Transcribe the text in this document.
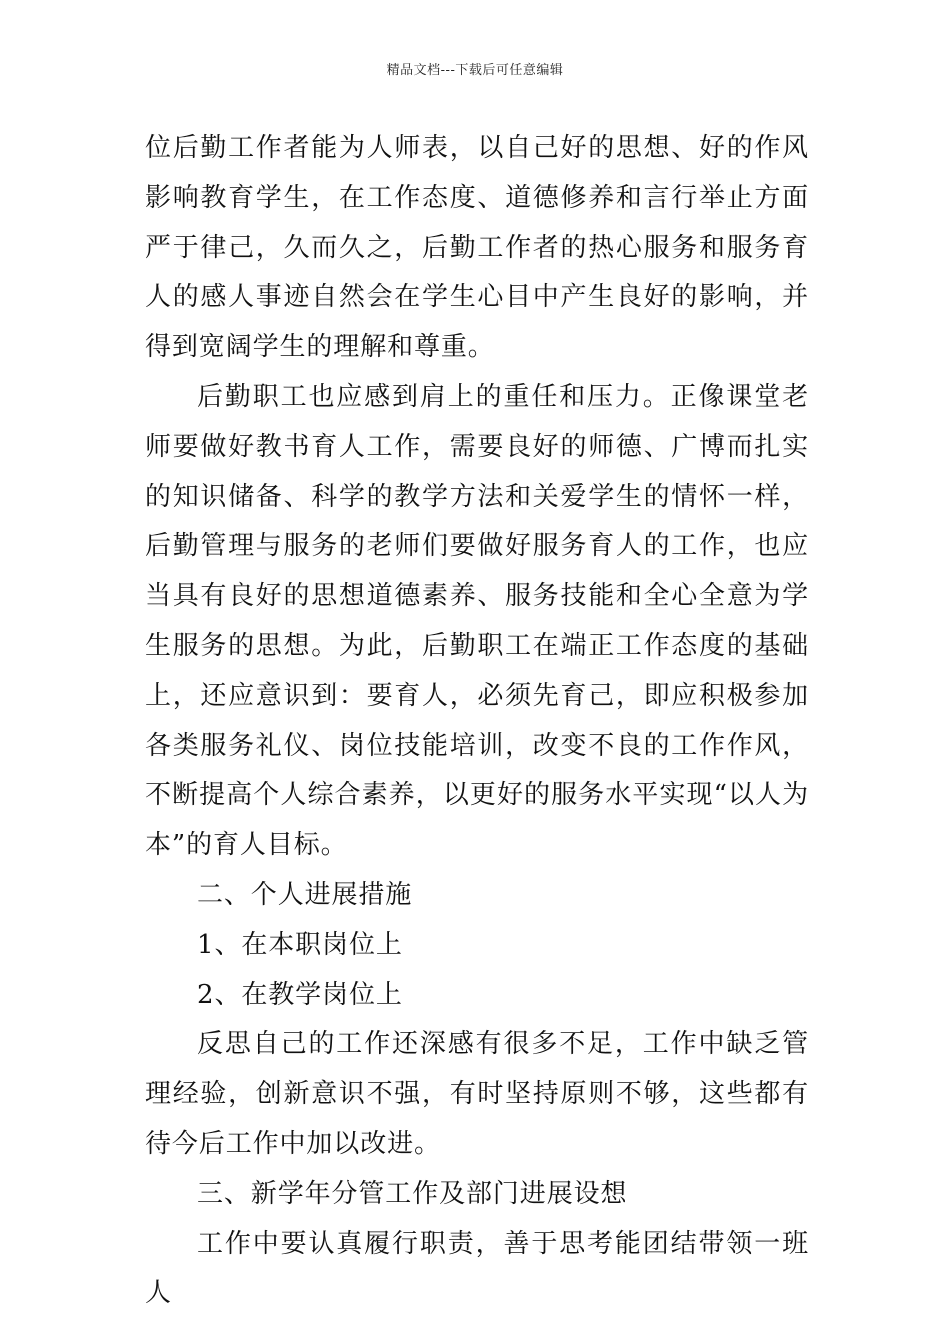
精品文档---下载后可任意编辑

位后勤工作者能为人师表，以自己好的思想、好的作风影响教育学生，在工作态度、道德修养和言行举止方面严于律己，久而久之，后勤工作者的热心服务和服务育人的感人事迹自然会在学生心目中产生良好的影响，并得到宽阔学生的理解和尊重。

后勤职工也应感到肩上的重任和压力。正像课堂老师要做好教书育人工作，需要良好的师德、广博而扎实的知识储备、科学的教学方法和关爱学生的情怀一样，后勤管理与服务的老师们要做好服务育人的工作，也应当具有良好的思想道德素养、服务技能和全心全意为学生服务的思想。为此，后勤职工在端正工作态度的基础上，还应意识到：要育人，必须先育己，即应积极参加各类服务礼仪、岗位技能培训，改变不良的工作作风，不断提高个人综合素养，以更好的服务水平实现“以人为本”的育人目标。

二、个人进展措施

1、在本职岗位上

2、在教学岗位上

反思自己的工作还深感有很多不足，工作中缺乏管理经验，创新意识不强，有时坚持原则不够，这些都有待今后工作中加以改进。

三、新学年分管工作及部门进展设想

工作中要认真履行职责，善于思考能团结带领一班人
